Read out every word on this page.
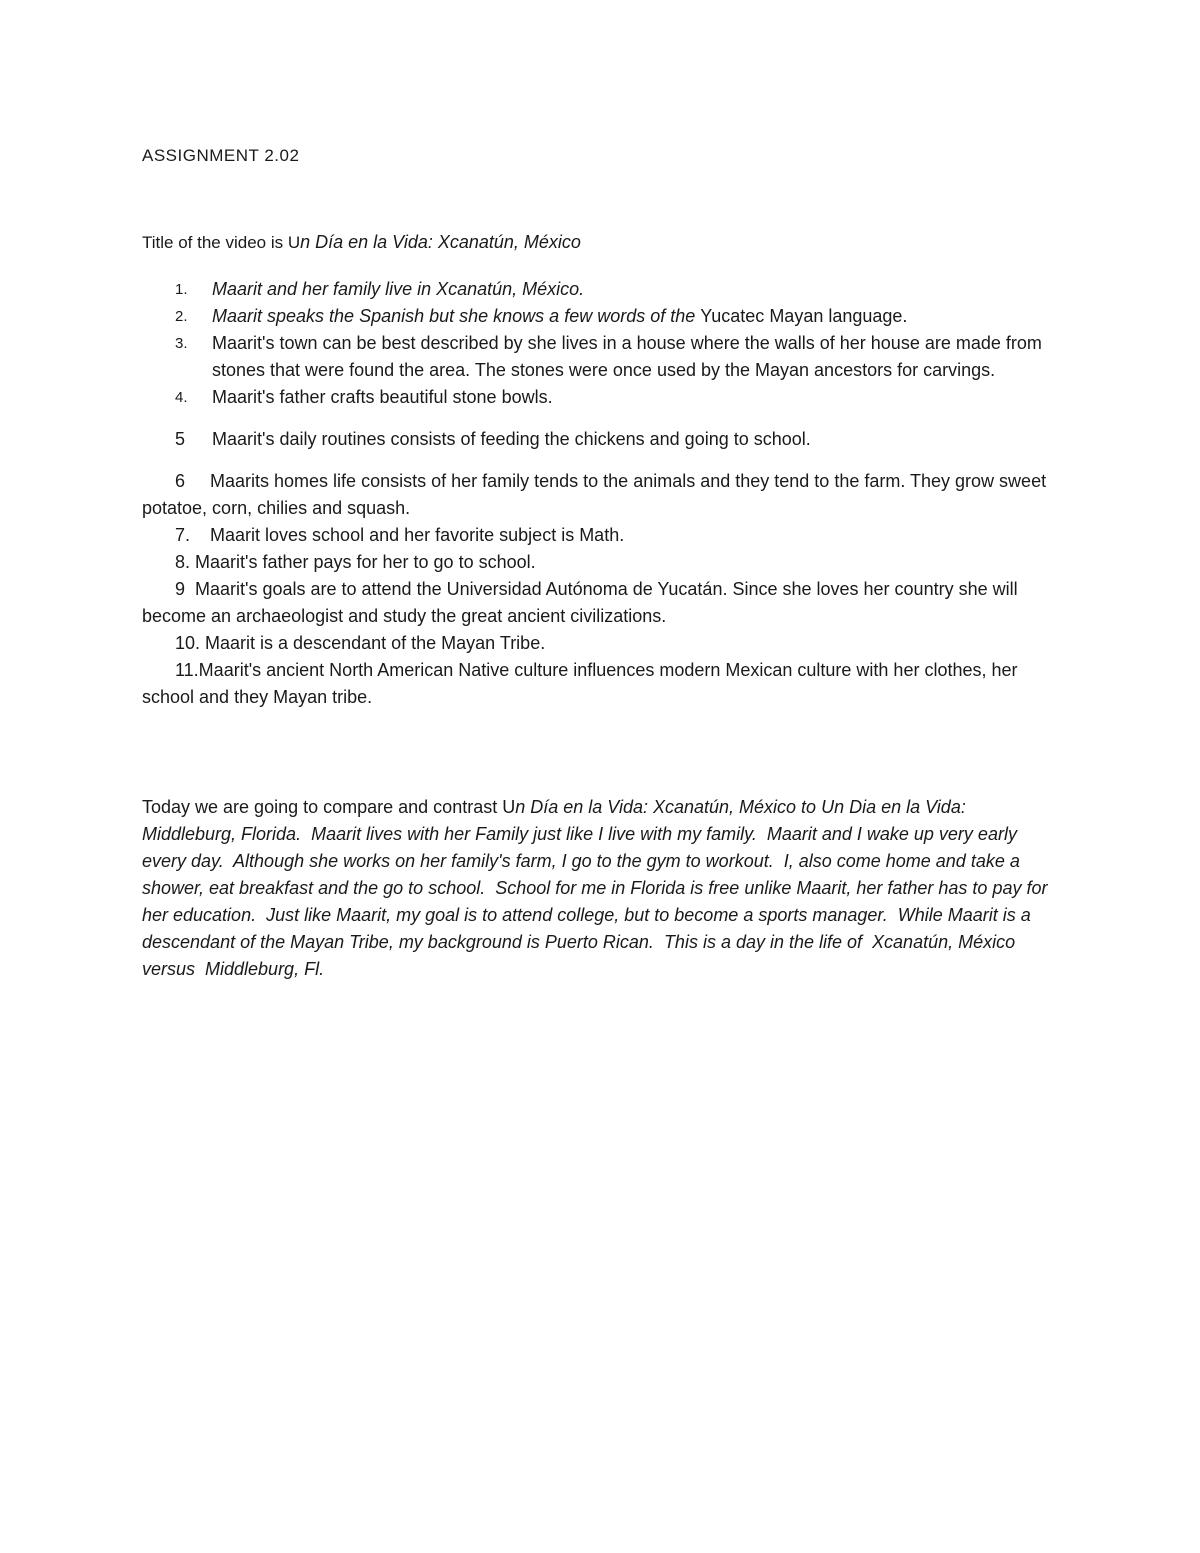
ASSIGNMENT 2.02
Title of the video is Un Día en la Vida: Xcanatún, México
1. Maarit and her family live in Xcanatún, México.
2. Maarit speaks the Spanish but she knows a few words of the Yucatec Mayan language.
3. Maarit's town can be best described by she lives in a house where the walls of her house are made from stones that were found the area. The stones were once used by the Mayan ancestors for carvings.
4. Maarit's father crafts beautiful stone bowls.
5 Maarit's daily routines consists of feeding the chickens and going to school.
6     Maarits homes life consists of her family tends to the animals and they tend to the farm. They grow sweet potatoe, corn, chilies and squash.
7.    Maarit loves school and her favorite subject is Math.
8. Maarit's father pays for her to go to school.
9  Maarit's goals are to attend the Universidad Autónoma de Yucatán. Since she loves her country she will become an archaeologist and study the great ancient civilizations.
10. Maarit is a descendant of the Mayan Tribe.
11.Maarit's ancient North American Native culture influences modern Mexican culture with her clothes, her school and they Mayan tribe.
Today we are going to compare and contrast Un Día en la Vida: Xcanatún, México to Un Dia en la Vida:  Middleburg, Florida.  Maarit lives with her Family just like I live with my family.  Maarit and I wake up very early every day.  Although she works on her family's farm, I go to the gym to workout.  I, also come home and take a shower, eat breakfast and the go to school.  School for me in Florida is free unlike Maarit, her father has to pay for her education.  Just like Maarit, my goal is to attend college, but to become a sports manager.  While Maarit is a descendant of the Mayan Tribe, my background is Puerto Rican.  This is a day in the life of  Xcanatún, México versus  Middleburg, Fl.
